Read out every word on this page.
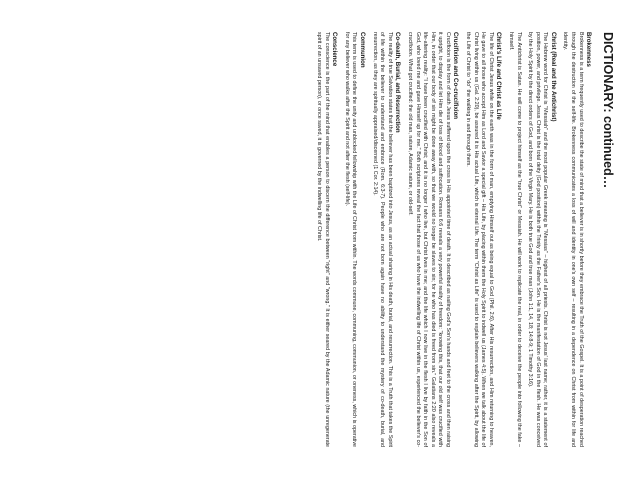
DICTIONARY: continued…
Brokenness

Brokenness is a term frequently used to describe the state of mind that a believer is in shortly before they embrace the Truth of the Gospel. It is a point of desperation reached through the destruction of the self-life. Brokenness communicates a loss of will and identity in one's own self – resulting in a dependence on Christ from within for life and identity.

Christ (Real and the Antichrist)

The Hebrew word for Christ is "Messiah" and the most popular Greek meaning is "Messias" – highest of all priests. Christ is not Jesus' last name; rather, it is a statement of position, power, and privilege. Jesus Christ is the total deity (God position) within the Trinity as the Father's Son. He is the manifestation of God in the flesh. He was conceived by the Holy Spirit by the direct orders of God, and born of the Virgin Mary. He is both true God and true man (John 1:1, 14, 18; 14:8-9; 1 Timothy 3:16).

The Antichrist is Satan. He will come to project himself as the "true Christ" or Messiah. He will work to replicate the real, in order to deceive the people into following the fake – himself.

Christ's Life and Christ as Life

The life of Christ Jesus while on the earth was in the form of man, emptying Himself out as being equal to God (Phil. 2:6). After His resurrection, and Him returning to heaven, He gave to all those who accept Him as Lord and Savior a special gift – His Life, by placing within them the Holy Spirit to indwell us (James 4:5). When we talk about the life of Christ living within us (Gal. 2:20), be assured it is His actual Life, which is eternal Life. The term "Christ as Life" is used to explain believers walking after the Spirit, by allowing the Life of Christ to "do" the walking in and through them.

Crucifixion and Co-crucifixion

Crucifixion is the form of death Jesus suffered upon the cross in His appointed time of death. It is described as nailing God's Son's hands and feet to the cross and then raising it upright, to display and let Him die of loss of blood and suffocation. Romans 6:6 reveals a very powerful reality of freedom: "knowing this, that our old self was crucified with Him, in order that our body of sin might be done away with, so that we would no longer be slaves to sin; for he who has died is freed from sin." Galatians 2:20 also reveals a life-altering reality: "I have been crucified with Christ; and it is no longer I who live, but Christ lives in me; and the life which I now live in the flesh I live by faith in the Son of God, who loved me and gave Himself up for me." Both scriptures reveal the fact that those of us who have the indwelling life of Christ within us, experienced the believer's co-crucifixion. What got crucified: the old man, nature, Adamic nature, or old-self.

Co-death, Burial, and Resurrection

The reality of true Salvation states that the believer has been baptized into Jesus, as an actual sharing in His death, burial, and resurrection. This is a Truth that takes the Spirit of life within the believer to understand and embrace (Rom. 6:3-7). People who are not born again have no ability to understand the mystery of co-death, burial, and resurrection, as they are spiritually appraised/discerned (1 Cor. 2:14).

Communion

This term is used to define the unity and unblocked fellowship with the Life of Christ from within. The words commune, communing, communion, or oneness, which is operative for any believer who walks after the Spirit and not after the flesh (self-life).

Conscience

The conscience is the part of the mind that enables a person to discern the difference between "right" and "wrong." It is either seared by the Adamic nature (the unregenerate spirit of an unsaved person), or once saved, it is governed by the indwelling life of Christ.
